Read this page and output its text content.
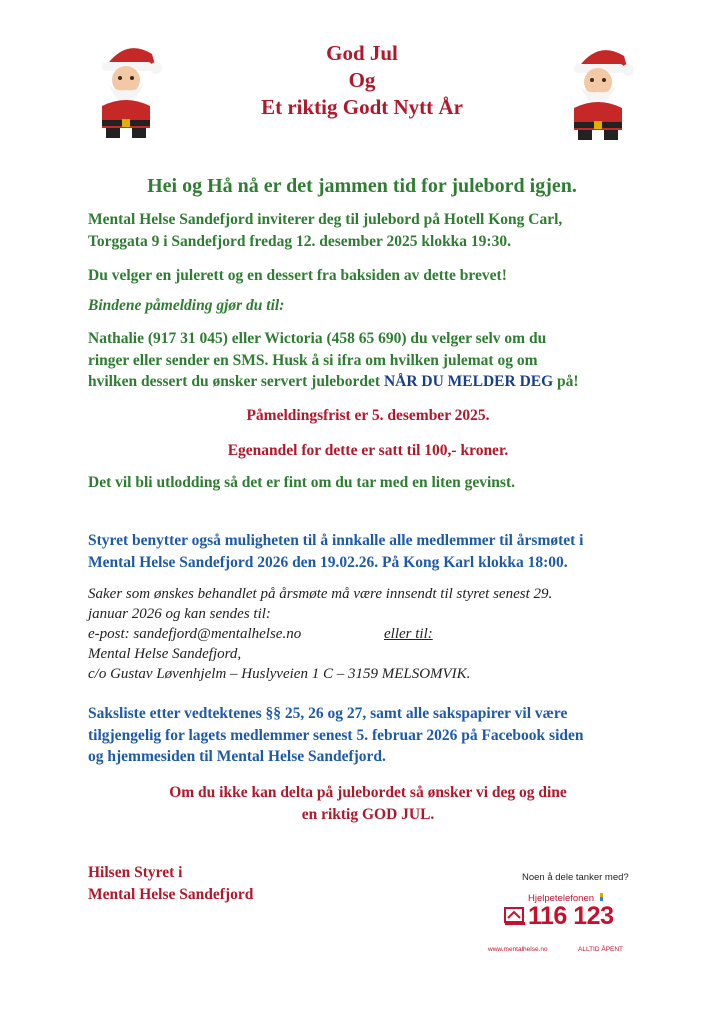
God Jul
Og
Et riktig Godt Nytt År
Hei og Hå nå er det jammen tid for julebord igjen.
Mental Helse Sandefjord inviterer deg til julebord på Hotell Kong Carl,
Torggata 9 i Sandefjord fredag 12. desember 2025 klokka 19:30.
Du velger en julerett og en dessert fra baksiden av dette brevet!
Bindene påmelding gjør du til:
Nathalie (917 31 045) eller Wictoria (458 65 690) du velger selv om du
ringer eller sender en SMS. Husk å si ifra om hvilken julemat og om
hvilken dessert du ønsker servert julebordet NÅR DU MELDER DEG på!
Påmeldingsfrist er 5. desember 2025.
Egenandel for dette er satt til 100,- kroner.
Det vil bli utlodding så det er fint om du tar med en liten gevinst.
Styret benytter også muligheten til å innkalle alle medlemmer til årsmøtet i
Mental Helse Sandefjord 2026 den 19.02.26. På Kong Karl klokka 18:00.
Saker som ønskes behandlet på årsmøte må være innsendt til styret senest 29.
januar 2026 og kan sendes til:
e-post: sandefjord@mentalhelse.no	eller til:
Mental Helse Sandefjord,
c/o Gustav Løvenhjelm – Huslyveien 1 C – 3159 MELSOMVIK.
Saksliste etter vedtektenes §§ 25, 26 og 27, samt alle sakspapirer vil være
tilgjengelig for lagets medlemmer senest 5. februar 2026 på Facebook siden
og hjemmesiden til Mental Helse Sandefjord.
Om du ikke kan delta på julebordet så ønsker vi deg og dine
en riktig GOD JUL.
Hilsen Styret i
Mental Helse Sandefjord
Noen å dele tanker med?
Hjelpetelefonen
116 123
www.mentalhelse.no	ALLTID ÅPENT
